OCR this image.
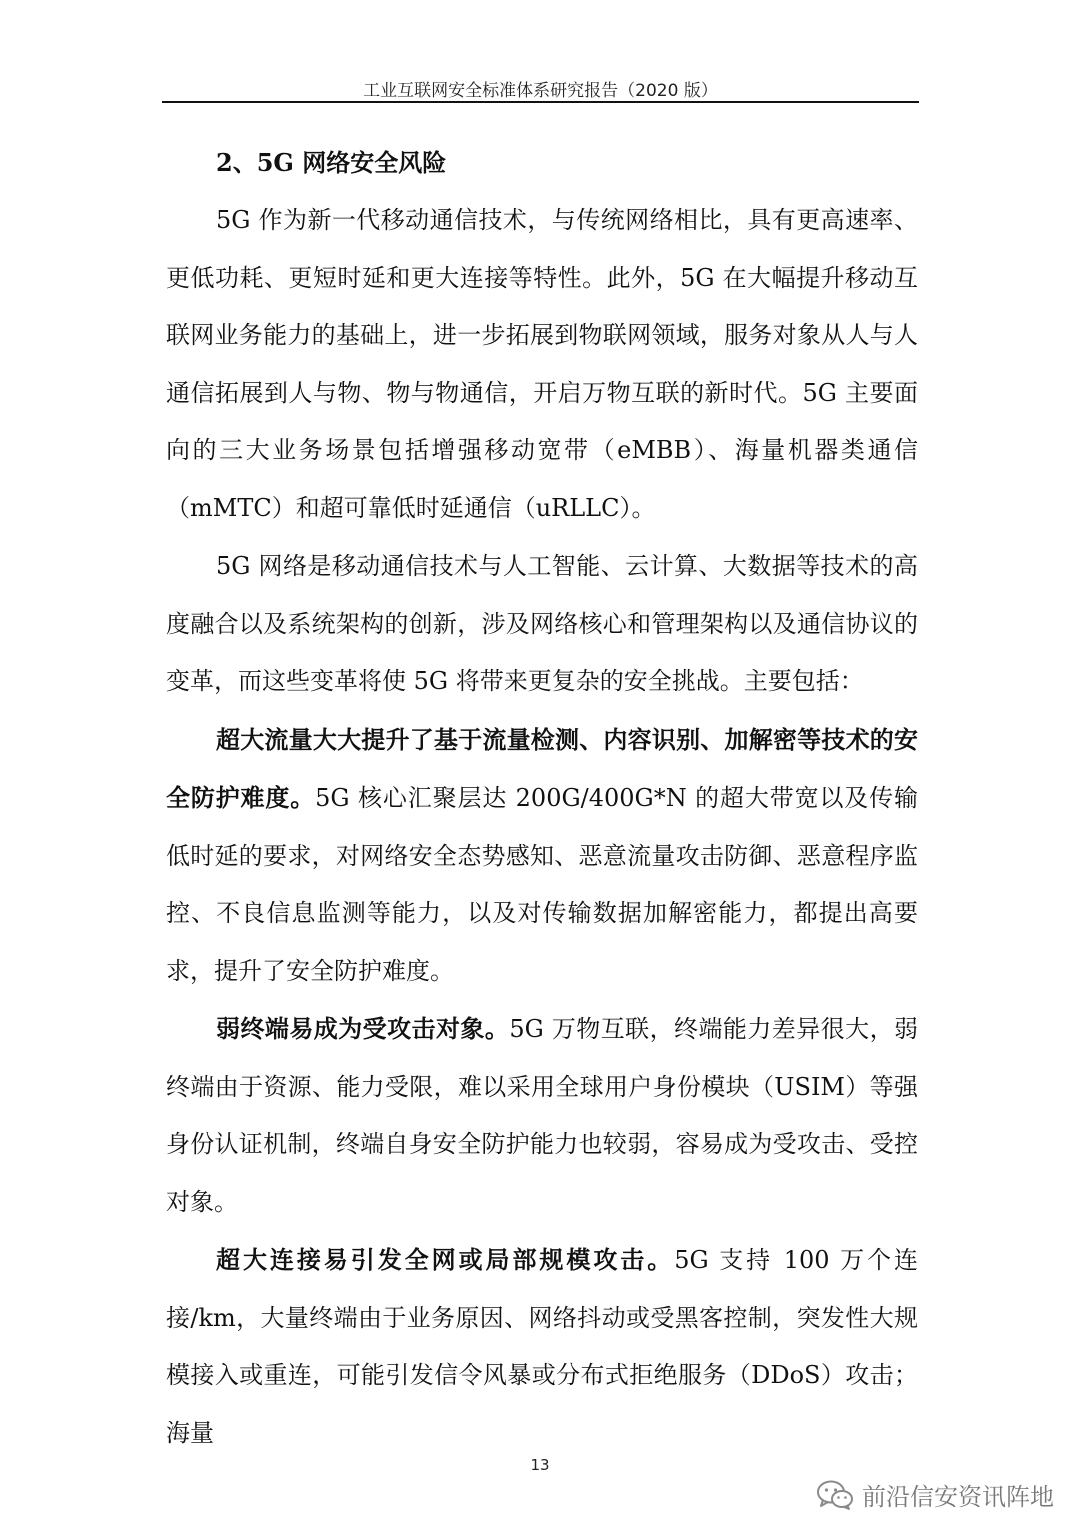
工业互联网安全标准体系研究报告（2020 版）

2、5G 网络安全风险

5G 作为新一代移动通信技术，与传统网络相比，具有更高速率、更低功耗、更短时延和更大连接等特性。此外，5G 在大幅提升移动互联网业务能力的基础上，进一步拓展到物联网领域，服务对象从人与人通信拓展到人与物、物与物通信，开启万物互联的新时代。5G 主要面向的三大业务场景包括增强移动宽带（eMBB）、海量机器类通信（mMTC）和超可靠低时延通信（uRLLC）。

5G 网络是移动通信技术与人工智能、云计算、大数据等技术的高度融合以及系统架构的创新，涉及网络核心和管理架构以及通信协议的变革，而这些变革将使 5G 将带来更复杂的安全挑战。主要包括：

超大流量大大提升了基于流量检测、内容识别、加解密等技术的安全防护难度。5G 核心汇聚层达 200G/400G*N 的超大带宽以及传输低时延的要求，对网络安全态势感知、恶意流量攻击防御、恶意程序监控、不良信息监测等能力，以及对传输数据加解密能力，都提出高要求，提升了安全防护难度。

弱终端易成为受攻击对象。5G 万物互联，终端能力差异很大，弱终端由于资源、能力受限，难以采用全球用户身份模块（USIM）等强身份认证机制，终端自身安全防护能力也较弱，容易成为受攻击、受控对象。

超大连接易引发全网或局部规模攻击。5G 支持 100 万个连接/km，大量终端由于业务原因、网络抖动或受黑客控制，突发性大规模接入或重连，可能引发信令风暴或分布式拒绝服务（DDoS）攻击；海量

13
前沿信安资讯阵地
